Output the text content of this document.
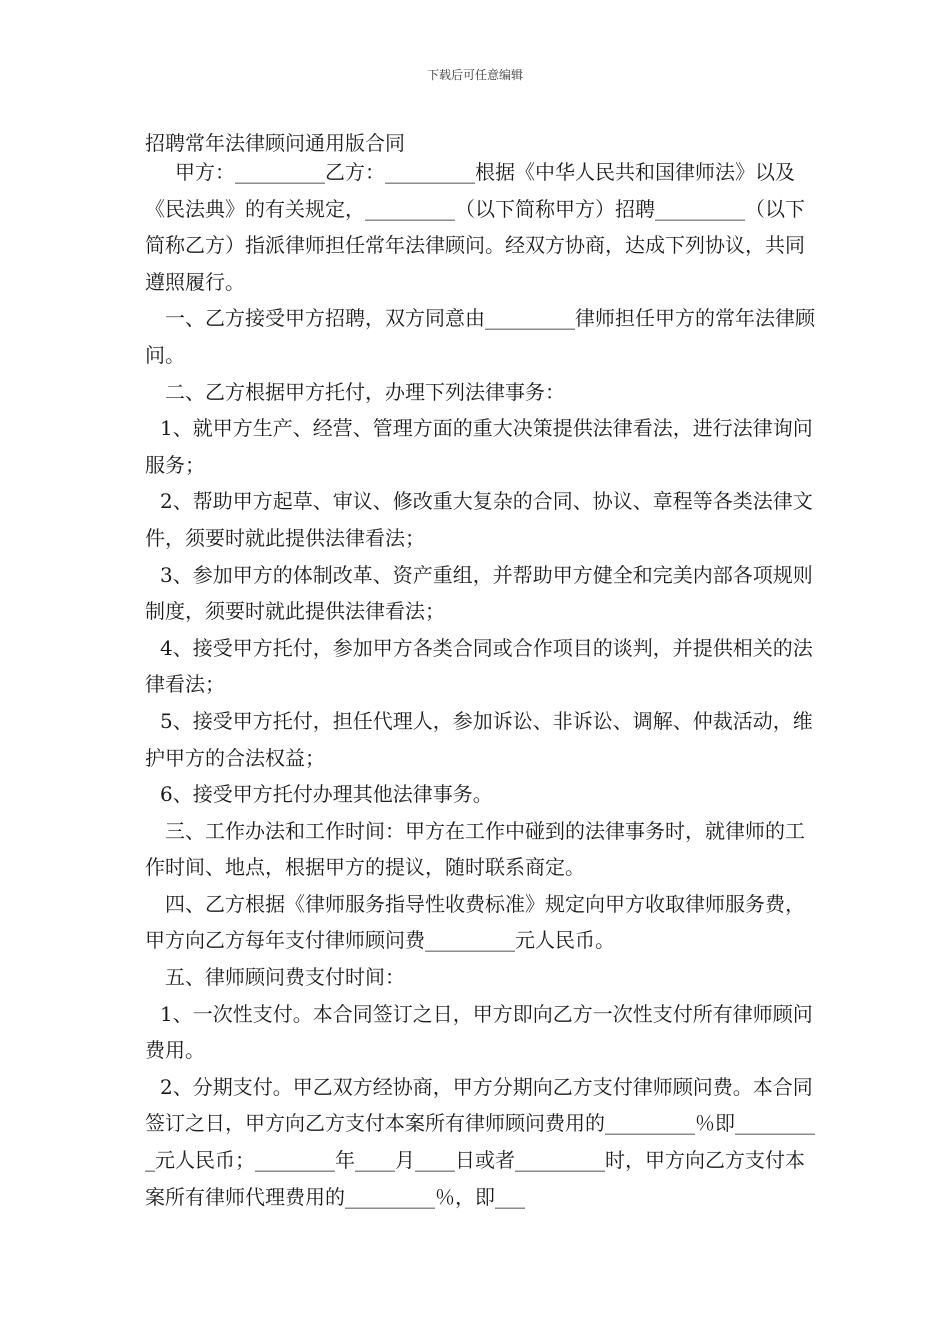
下载后可任意编辑
招聘常年法律顾问通用版合同

甲方：_________乙方：_________根据《中华人民共和国律师法》以及《民法典》的有关规定，_________（以下简称甲方）招聘_________（以下简称乙方）指派律师担任常年法律顾问。经双方协商，达成下列协议，共同遵照履行。

一、乙方接受甲方招聘，双方同意由_________律师担任甲方的常年法律顾问。

二、乙方根据甲方托付，办理下列法律事务：

1、就甲方生产、经营、管理方面的重大决策提供法律看法，进行法律询问服务；

2、帮助甲方起草、审议、修改重大复杂的合同、协议、章程等各类法律文件，须要时就此提供法律看法；

3、参加甲方的体制改革、资产重组，并帮助甲方健全和完美内部各项规则制度，须要时就此提供法律看法；

4、接受甲方托付，参加甲方各类合同或合作项目的谈判，并提供相关的法律看法；

5、接受甲方托付，担任代理人，参加诉讼、非诉讼、调解、仲裁活动，维护甲方的合法权益；

6、接受甲方托付办理其他法律事务。

三、工作办法和工作时间：甲方在工作中碰到的法律事务时，就律师的工作时间、地点，根据甲方的提议，随时联系商定。

四、乙方根据《律师服务指导性收费标准》规定向甲方收取律师服务费，甲方向乙方每年支付律师顾问费_________元人民币。

五、律师顾问费支付时间：

1、一次性支付。本合同签订之日，甲方即向乙方一次性支付所有律师顾问费用。

2、分期支付。甲乙双方经协商，甲方分期向乙方支付律师顾问费。本合同签订之日，甲方向乙方支付本案所有律师顾问费用的_________％即_________元人民币；________年____月____日或者_________时，甲方向乙方支付本案所有律师代理费用的_________％，即___
